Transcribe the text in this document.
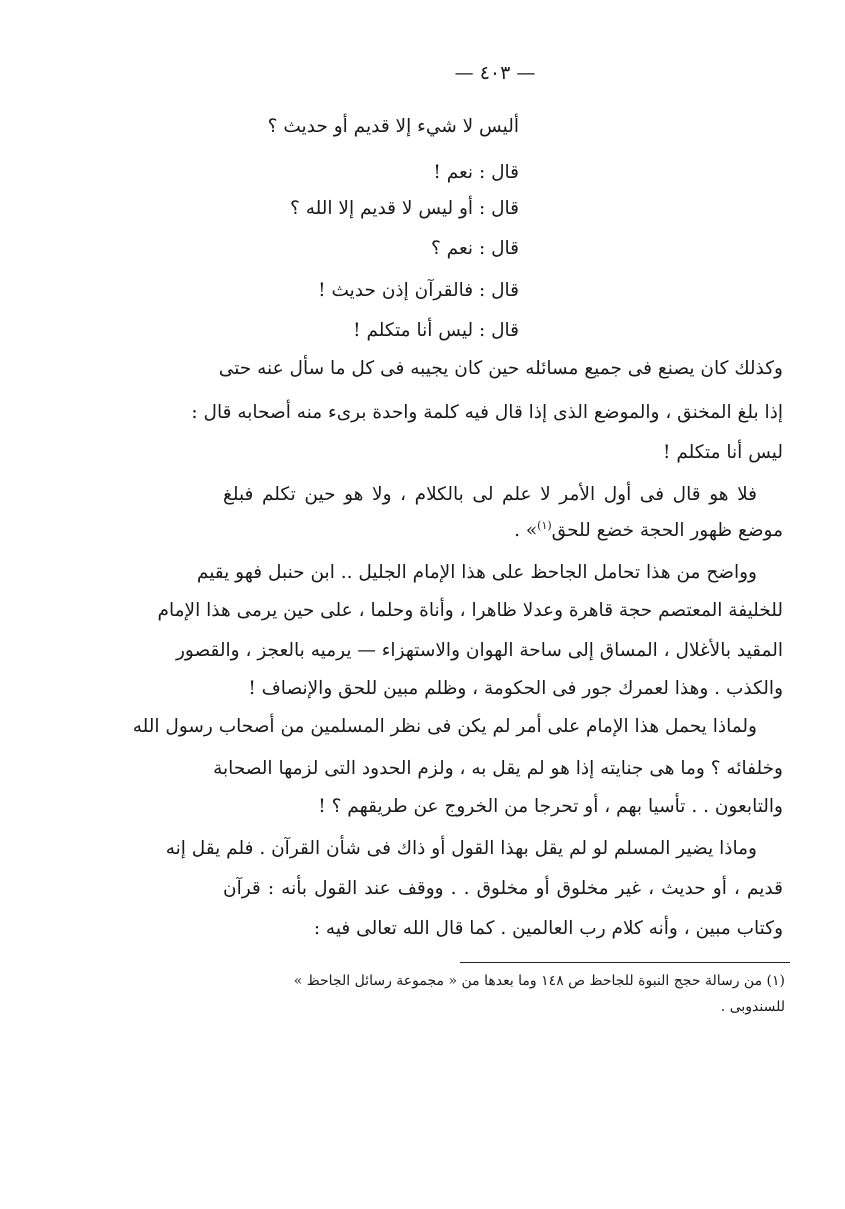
— ٤٠٣ —
أليس لا شيء إلا قديم أو حديث ؟
قال : نعم !
قال : أو ليس لا قديم إلا الله ؟
قال : نعم ؟
قال : فالقرآن إذن حديث !
قال : ليس أنا متكلم !
وكذلك كان يصنع فى جميع مسائله حين كان يجيبه فى كل ما سأل عنه حتى
إذا بلغ المخنق ، والموضع الذى إذا قال فيه كلمة واحدة برىء منه أصحابه قال :
ليس أنا متكلم !
فلا هو قال فى أول الأمر لا علم لى بالكلام ، ولا هو حين تكلم فبلغ
موضع ظهور الحجة خضع للحق$^{(١)}$» .
وواضح من هذا تحامل الجاحظ على هذا الإمام الجليل .. ابن حنبل فهو يقيم
للخليفة المعتصم حجة قاهرة وعدلا ظاهرا ، وأناة وحلما ، على حين يرمى هذا الإمام
المقيد بالأغلال ، المساق إلى ساحة الهوان والاستهزاء — يرميه بالعجز ، والقصور
والكذب . وهذا لعمرك جور فى الحكومة ، وظلم مبين للحق والإنصاف !
ولماذا يحمل هذا الإمام على أمر لم يكن فى نظر المسلمين من أصحاب رسول الله
وخلفائه ؟ وما هى جنايته إذا هو لم يقل به ، ولزم الحدود التى لزمها الصحابة
والتابعون . . تأسيا بهم ، أو تحرجا من الخروج عن طريقهم ؟ !
وماذا يضير المسلم لو لم يقل بهذا القول أو ذاك فى شأن القرآن . فلم يقل إنه
قديم ، أو حديث ، غير مخلوق أو مخلوق . . ووقف عند القول بأنه : قرآن
وكتاب مبين ، وأنه كلام رب العالمين . كما قال الله تعالى فيه :
(١) من رسالة حجج النبوة للجاحظ ص ١٤٨ وما بعدها من « مجموعة رسائل الجاحظ »
للسندوبى .
